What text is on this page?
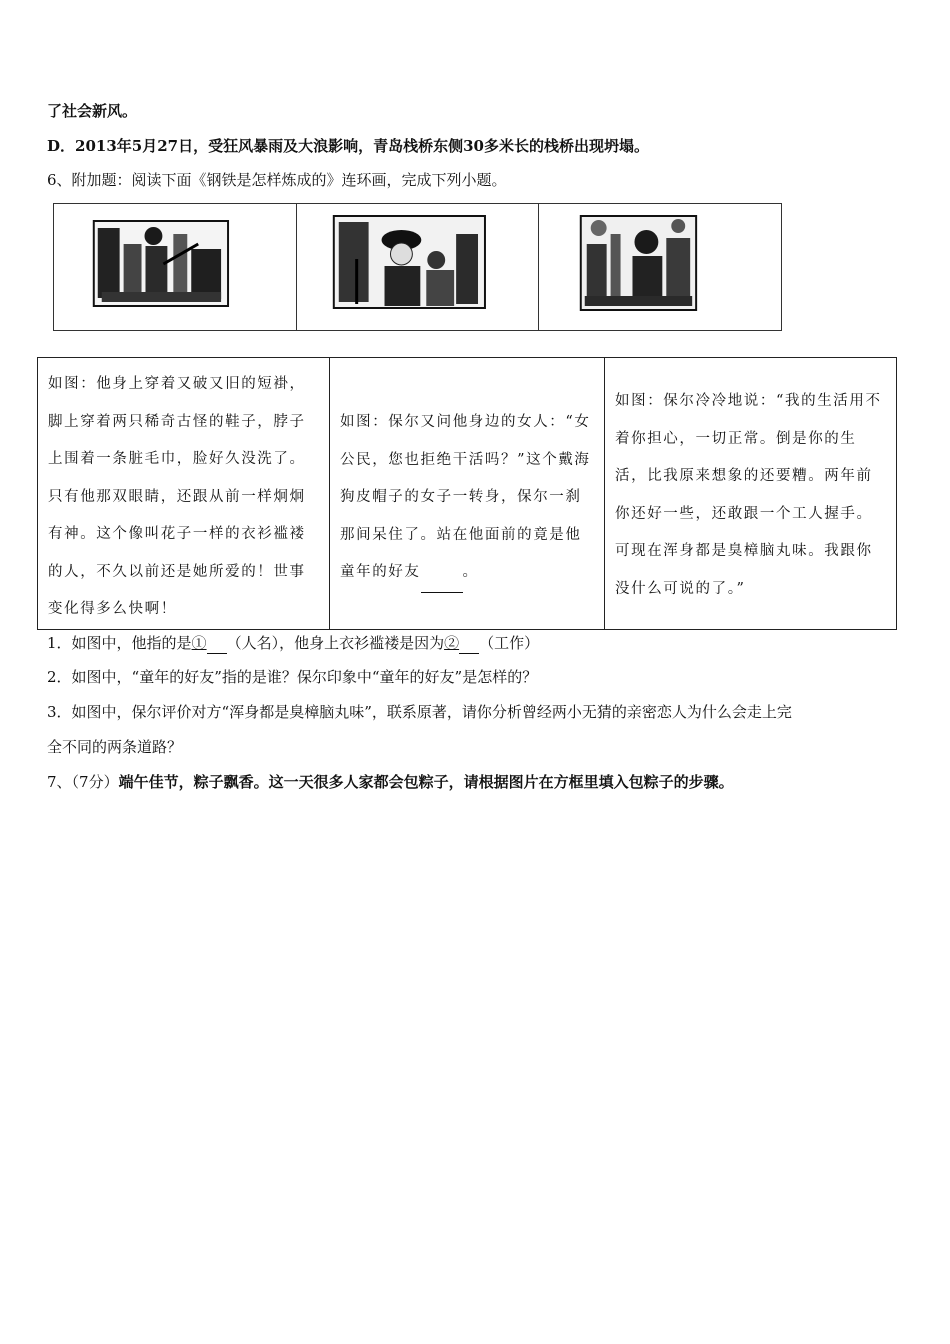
了社会新风。
D．2013年5月27日，受狂风暴雨及大浪影响，青岛栈桥东侧30多米长的栈桥出现坍塌。
6、附加题：阅读下面《钢铁是怎样炼成的》连环画，完成下列小题。
如图：他身上穿着又破又旧的短褂，脚上穿着两只稀奇古怪的鞋子，脖子上围着一条脏毛巾，脸好久没洗了。只有他那双眼睛，还跟从前一样炯炯有神。这个像叫花子一样的衣衫褴褛的人，不久以前还是她所爱的！世事变化得多么快啊！
如图：保尔又问他身边的女人：“女公民，您也拒绝干活吗？”这个戴海狗皮帽子的女子一转身，保尔一刹那间呆住了。站在他面前的竟是他童年的好友	。
如图：保尔冷冷地说：“我的生活用不着你担心，一切正常。倒是你的生活，比我原来想象的还要糟。两年前你还好一些，还敢跟一个工人握手。可现在浑身都是臭樟脑丸味。我跟你没什么可说的了。”
1．如图中，他指的是① （人名），他身上衣衫褴褛是因为② （工作）
2．如图中，“童年的好友”指的是谁？保尔印象中“童年的好友”是怎样的？
3．如图中，保尔评价对方“浑身都是臭樟脑丸味”，联系原著，请你分析曾经两小无猜的亲密恋人为什么会走上完
全不同的两条道路？
7、（7分）端午佳节，粽子飘香。这一天很多人家都会包粽子，请根据图片在方框里填入包粽子的步骤。
